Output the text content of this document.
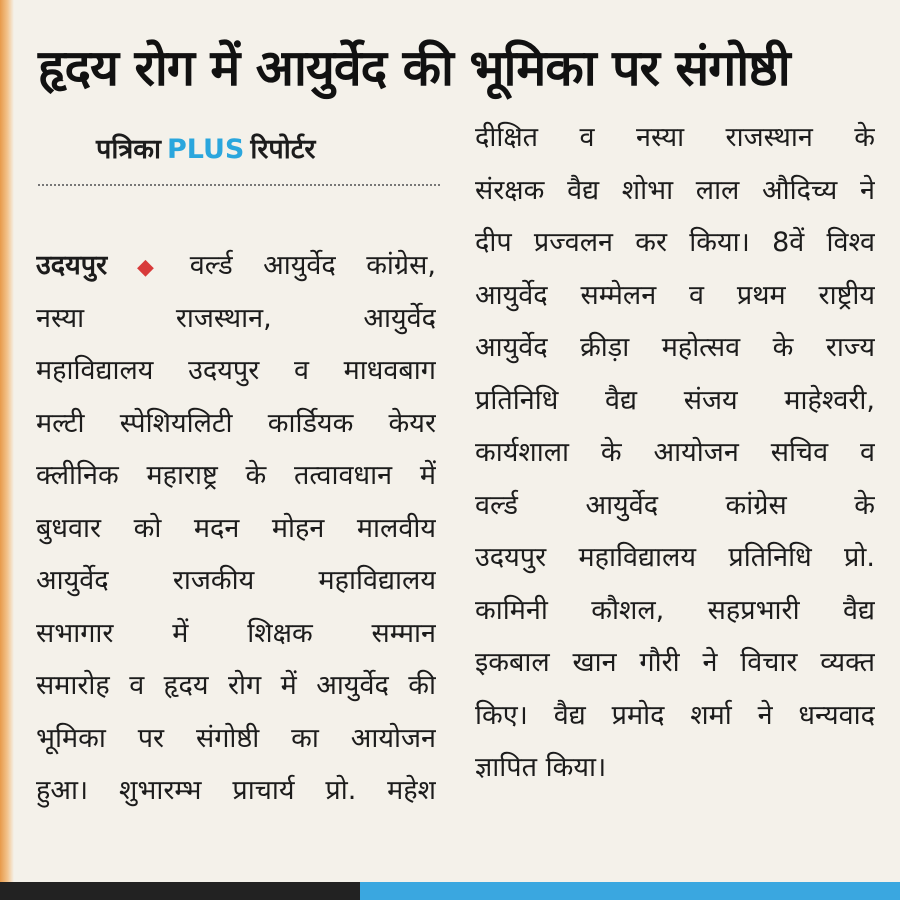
हृदय रोग में आयुर्वेद की भूमिका पर संगोष्ठी
पत्रिका PLUS रिपोर्टर
उदयपुर ◆ वर्ल्ड आयुर्वेद कांग्रेस,
नस्या राजस्थान, आयुर्वेद
महाविद्यालय उदयपुर व माधवबाग
मल्टी स्पेशियलिटी कार्डियक केयर
क्लीनिक महाराष्ट्र के तत्वावधान में
बुधवार को मदन मोहन मालवीय
आयुर्वेद राजकीय महाविद्यालय
सभागार में शिक्षक सम्मान
समारोह व हृदय रोग में आयुर्वेद की
भूमिका पर संगोष्ठी का आयोजन
हुआ। शुभारम्भ प्राचार्य प्रो. महेश
दीक्षित व नस्या राजस्थान के
संरक्षक वैद्य शोभा लाल औदिच्य ने
दीप प्रज्वलन कर किया। 8वें विश्व
आयुर्वेद सम्मेलन व प्रथम राष्ट्रीय
आयुर्वेद क्रीड़ा महोत्सव के राज्य
प्रतिनिधि वैद्य संजय माहेश्वरी,
कार्यशाला के आयोजन सचिव व
वर्ल्ड आयुर्वेद कांग्रेस के
उदयपुर महाविद्यालय प्रतिनिधि प्रो.
कामिनी कौशल, सहप्रभारी वैद्य
इकबाल खान गौरी ने विचार व्यक्त
किए। वैद्य प्रमोद शर्मा ने धन्यवाद
ज्ञापित किया।
